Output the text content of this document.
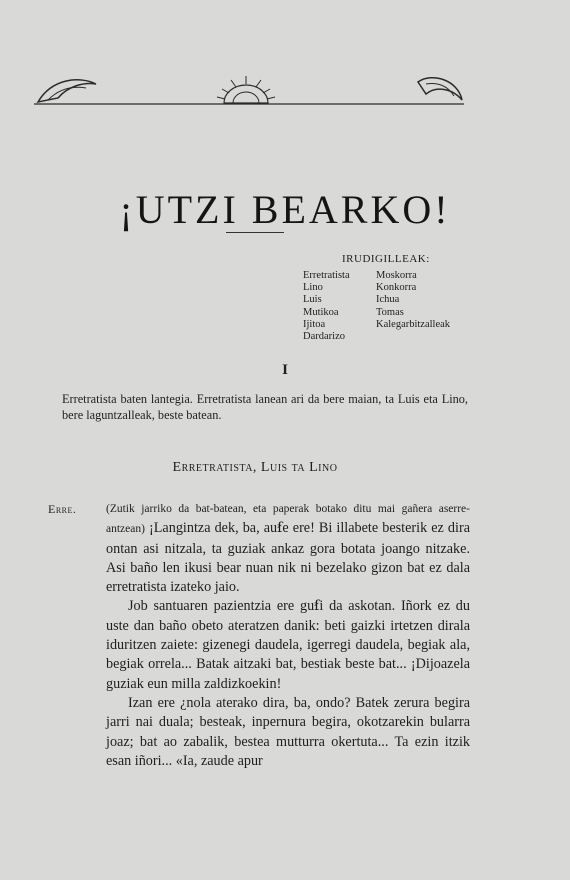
¡UTZI BEARKO!
IRUDIGILLEAK:
Erretratista
Lino
Luis
Mutikoa
Ijitoa
Dardarizo
Moskorra
Konkorra
Ichua
Tomas
Kalegarbitzalleak
I

Erretratista baten lantegia. Erretratista lanean ari da bere maian, ta Luis eta Lino, bere laguntzalleak, beste batean.

Erretratista, Luis ta Lino
Erre.	(Zutik jarriko da bat-batean, eta paperak botako ditu mai gañera aserre-antzean) ¡Langintza dek, ba, auẜe ere! Bi illabete besterik ez dira ontan asi nitzala, ta guziak ankaz gora botata joango nitzake. Asi baño len ikusi bear nuan nik ni bezelako gizon bat ez dala erretratista izateko jaio.

Job santuaren pazientzia ere guẜi da askotan. Iñork ez du uste dan baño obeto ateratzen danik: beti gaizki irtetzen dirala iduritzen zaiete: gizenegi daudela, igerregi daudela, begiak ala, begiak orrela... Batak aitzaki bat, bestiak beste bat... ¡Dijoazela guziak eun milla zaldizkoekin!

Izan ere ¿nola aterako dira, ba, ondo? Batek zerura begira jarri nai duala; besteak, inpernura begira, okotzarekin bularra joaz; bat ao zabalik, bestea mutturra okertuta... Ta ezin itzik esan iñori... «Ia, zaude apur
